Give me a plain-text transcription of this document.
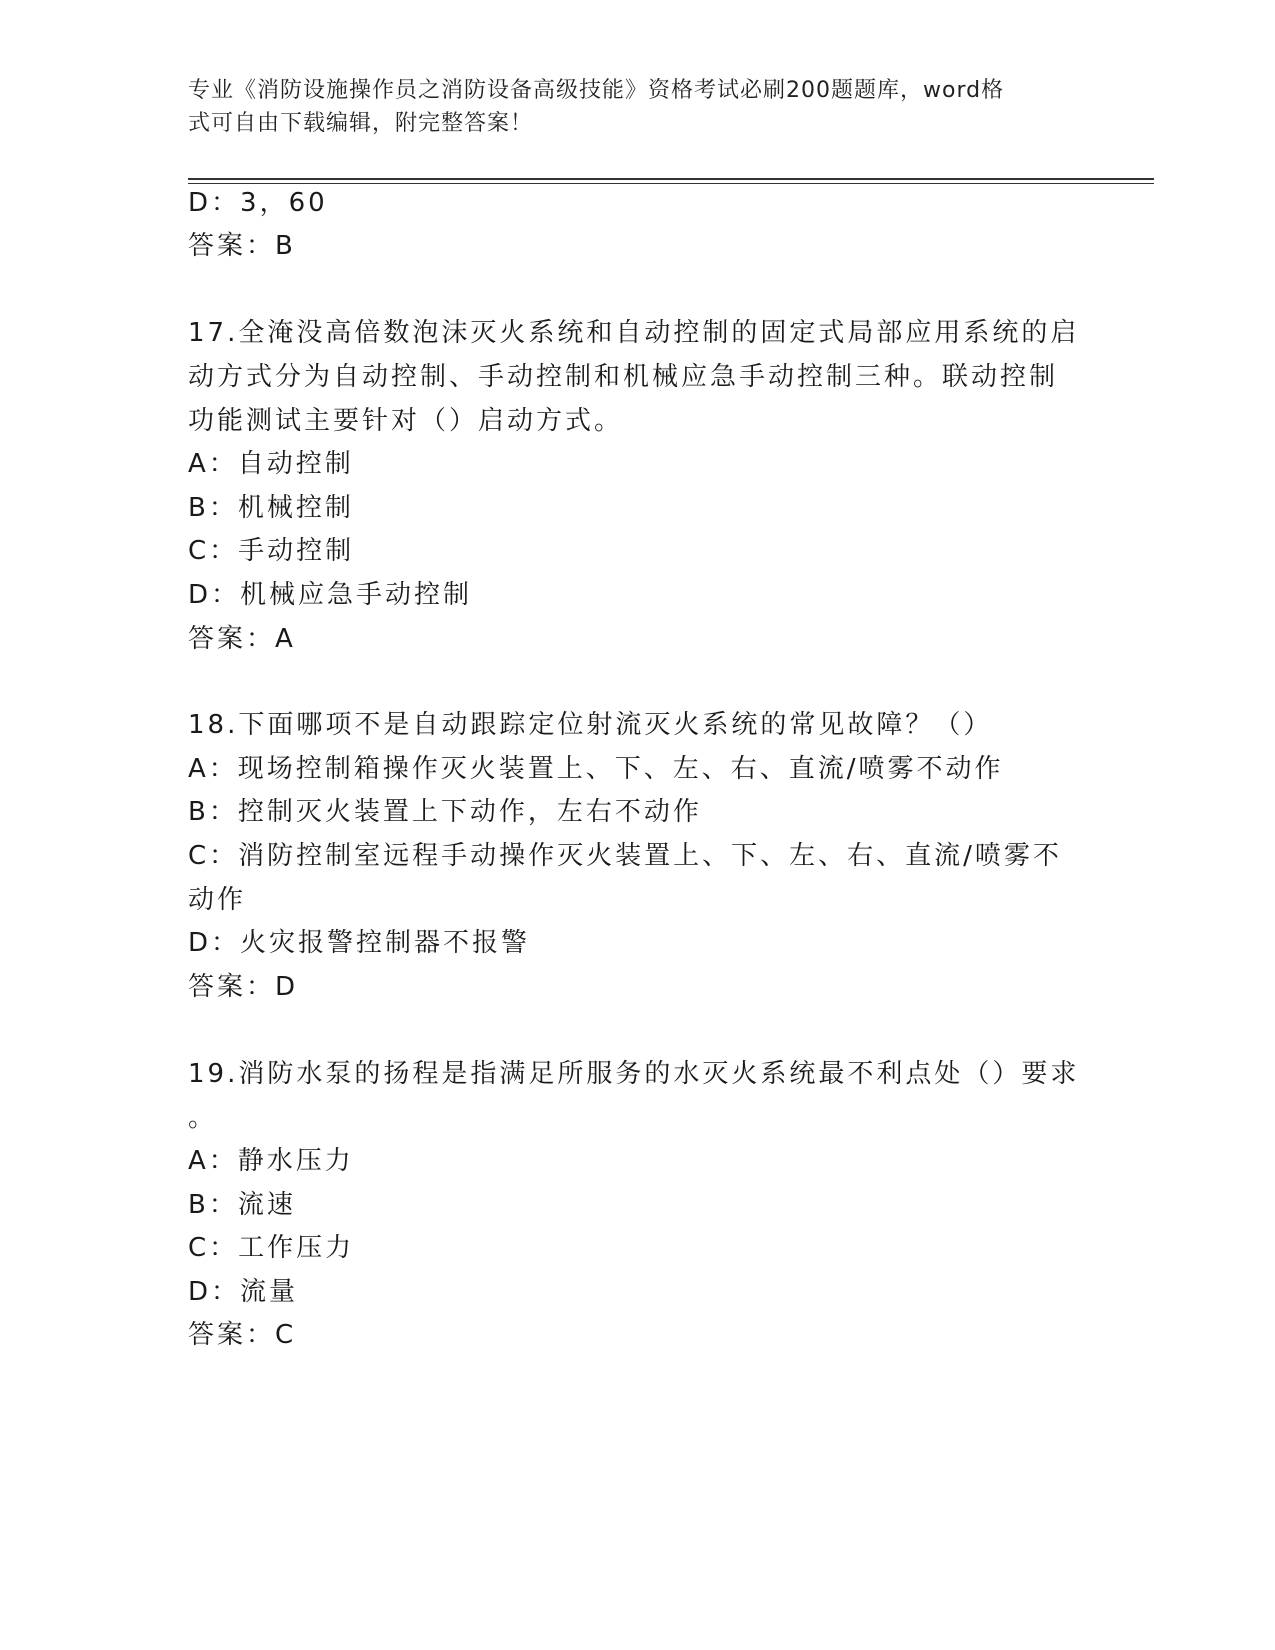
专业《消防设施操作员之消防设备高级技能》资格考试必刷200题题库，word格
式可自由下载编辑，附完整答案！
D：3，60
答案：B
17.全淹没高倍数泡沫灭火系统和自动控制的固定式局部应用系统的启
动方式分为自动控制、手动控制和机械应急手动控制三种。联动控制
功能测试主要针对（）启动方式。
A：自动控制
B：机械控制
C：手动控制
D：机械应急手动控制
答案：A
18.下面哪项不是自动跟踪定位射流灭火系统的常见故障？（）
A：现场控制箱操作灭火装置上、下、左、右、直流/喷雾不动作
B：控制灭火装置上下动作，左右不动作
C：消防控制室远程手动操作灭火装置上、下、左、右、直流/喷雾不
动作
D：火灾报警控制器不报警
答案：D
19.消防水泵的扬程是指满足所服务的水灭火系统最不利点处（）要求
。
A：静水压力
B：流速
C：工作压力
D：流量
答案：C
